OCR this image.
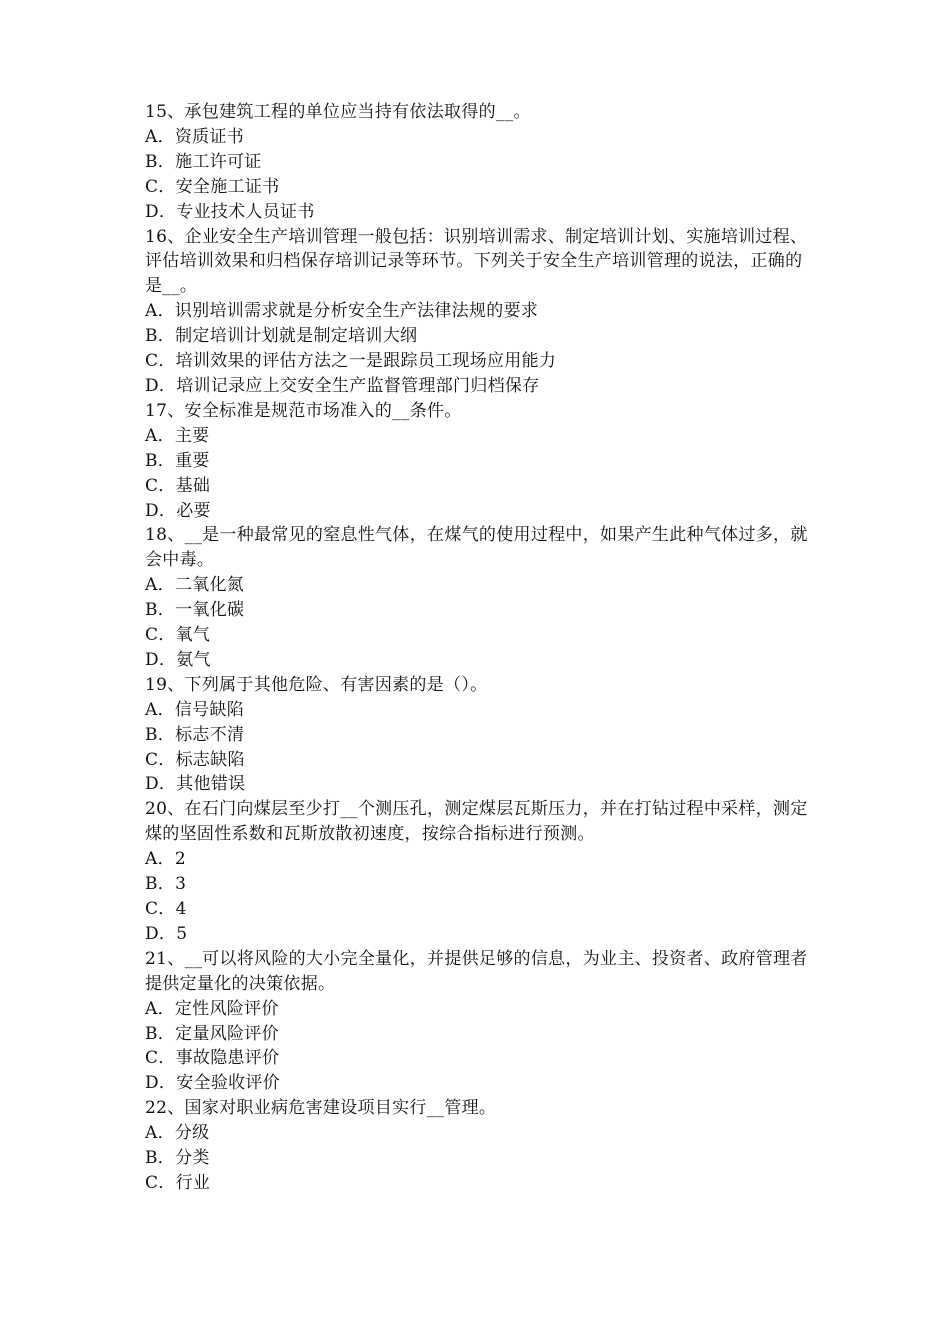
15、承包建筑工程的单位应当持有依法取得的__。
A．资质证书
B．施工许可证
C．安全施工证书
D．专业技术人员证书
16、企业安全生产培训管理一般包括：识别培训需求、制定培训计划、实施培训过程、评估培训效果和归档保存培训记录等环节。下列关于安全生产培训管理的说法，正确的是__。
A．识别培训需求就是分析安全生产法律法规的要求
B．制定培训计划就是制定培训大纲
C．培训效果的评估方法之一是跟踪员工现场应用能力
D．培训记录应上交安全生产监督管理部门归档保存
17、安全标准是规范市场准入的__条件。
A．主要
B．重要
C．基础
D．必要
18、__是一种最常见的窒息性气体，在煤气的使用过程中，如果产生此种气体过多，就会中毒。
A．二氧化氮
B．一氧化碳
C．氧气
D．氨气
19、下列属于其他危险、有害因素的是（）。
A．信号缺陷
B．标志不清
C．标志缺陷
D．其他错误
20、在石门向煤层至少打__个测压孔，测定煤层瓦斯压力，并在打钻过程中采样，测定煤的坚固性系数和瓦斯放散初速度，按综合指标进行预测。
A．2
B．3
C．4
D．5
21、__可以将风险的大小完全量化，并提供足够的信息，为业主、投资者、政府管理者提供定量化的决策依据。
A．定性风险评价
B．定量风险评价
C．事故隐患评价
D．安全验收评价
22、国家对职业病危害建设项目实行__管理。
A．分级
B．分类
C．行业
